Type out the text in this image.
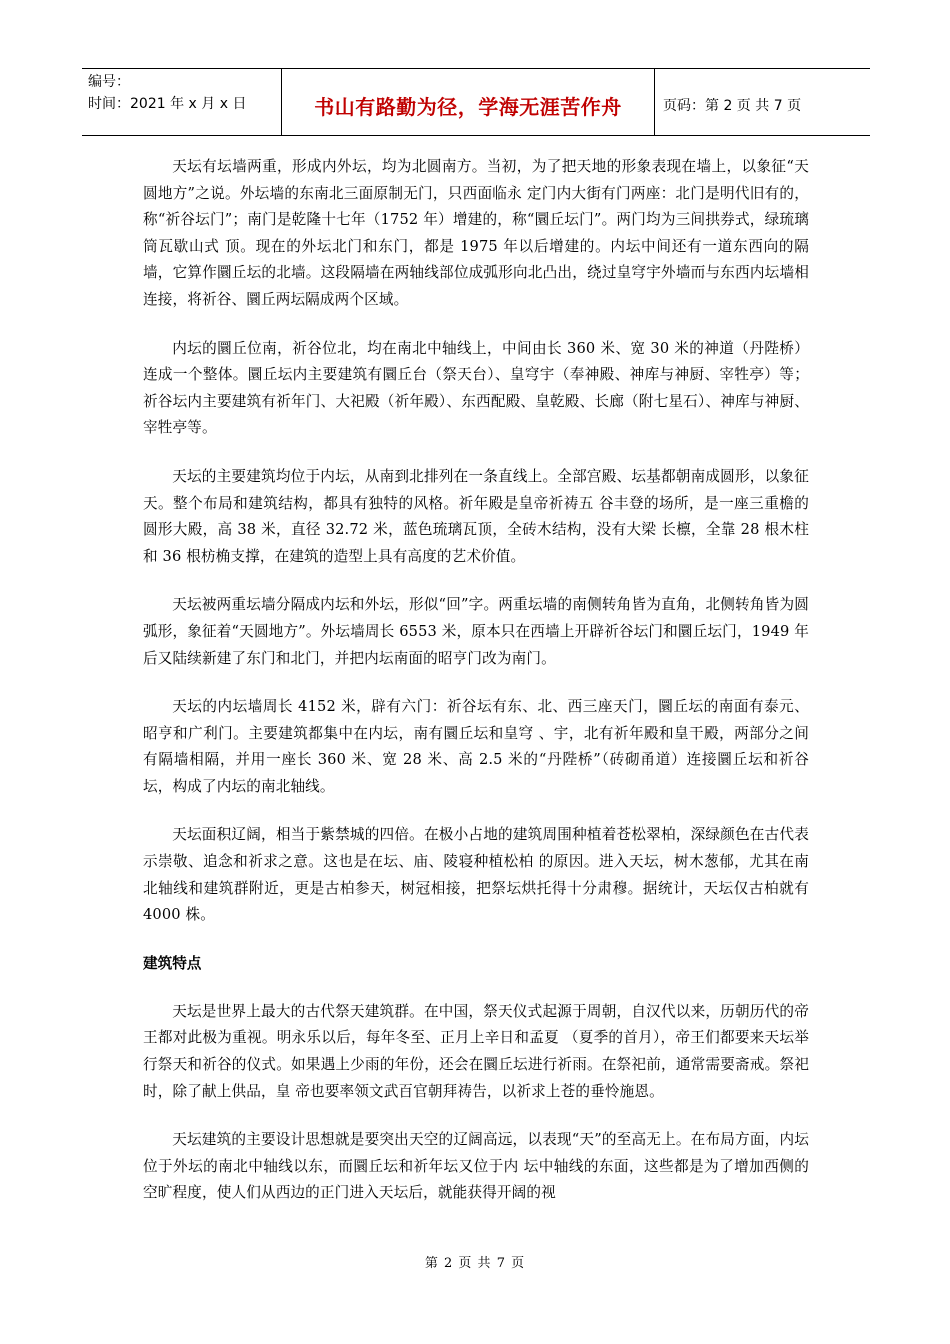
编号：
时间：2021 年 x 月 x 日	书山有路勤为径，学海无涯苦作舟	页码：第 2 页 共 7 页

天坛有坛墙两重，形成内外坛，均为北圆南方。当初，为了把天地的形象表现在墙上，以象征“天圆地方”之说。外坛墙的东南北三面原制无门，只西面临永 定门内大街有门两座：北门是明代旧有的，称“祈谷坛门”；南门是乾隆十七年（1752 年）增建的，称“圜丘坛门”。两门均为三间拱券式，绿琉璃筒瓦歇山式 顶。现在的外坛北门和东门，都是 1975 年以后增建的。内坛中间还有一道东西向的隔墙，它算作圜丘坛的北墙。这段隔墙在两轴线部位成弧形向北凸出，绕过皇穹宇外墙而与东西内坛墙相连接，将祈谷、圜丘两坛隔成两个区域。

内坛的圜丘位南，祈谷位北，均在南北中轴线上，中间由长 360 米、宽 30 米的神道（丹陛桥）连成一个整体。圜丘坛内主要建筑有圜丘台（祭天台）、皇穹宇（奉神殿、神库与神厨、宰牲亭）等；祈谷坛内主要建筑有祈年门、大祀殿（祈年殿）、东西配殿、皇乾殿、长廊（附七星石）、神库与神厨、宰牲亭等。

天坛的主要建筑均位于内坛，从南到北排列在一条直线上。全部宫殿、坛基都朝南成圆形，以象征天。整个布局和建筑结构，都具有独特的风格。祈年殿是皇帝祈祷五 谷丰登的场所，是一座三重檐的圆形大殿，高 38 米，直径 32.72 米，蓝色琉璃瓦顶，全砖木结构，没有大梁 长檩，全靠 28 根木柱和 36 根枋桷支撑，在建筑的造型上具有高度的艺术价值。

天坛被两重坛墙分隔成内坛和外坛，形似“回”字。两重坛墙的南侧转角皆为直角，北侧转角皆为圆弧形，象征着“天圆地方”。外坛墙周长 6553 米，原本只在西墙上开辟祈谷坛门和圜丘坛门，1949 年后又陆续新建了东门和北门，并把内坛南面的昭亨门改为南门。

天坛的内坛墙周长 4152 米，辟有六门：祈谷坛有东、北、西三座天门，圜丘坛的南面有泰元、昭亨和广利门。主要建筑都集中在内坛，南有圜丘坛和皇穹 、宇，北有祈年殿和皇干殿，两部分之间有隔墙相隔，并用一座长 360 米、宽 28 米、高 2.5 米的“丹陛桥”（砖砌甬道）连接圜丘坛和祈谷坛，构成了内坛的南北轴线。

天坛面积辽阔，相当于紫禁城的四倍。在极小占地的建筑周围种植着苍松翠柏，深绿颜色在古代表示崇敬、追念和祈求之意。这也是在坛、庙、陵寝种植松柏 的原因。进入天坛，树木葱郁，尤其在南北轴线和建筑群附近，更是古柏参天，树冠相接，把祭坛烘托得十分肃穆。据统计，天坛仅古柏就有 4000 株。

建筑特点

天坛是世界上最大的古代祭天建筑群。在中国，祭天仪式起源于周朝，自汉代以来，历朝历代的帝王都对此极为重视。明永乐以后，每年冬至、正月上辛日和孟夏 （夏季的首月），帝王们都要来天坛举行祭天和祈谷的仪式。如果遇上少雨的年份，还会在圜丘坛进行祈雨。在祭祀前，通常需要斋戒。祭祀时，除了献上供品，皇 帝也要率领文武百官朝拜祷告，以祈求上苍的垂怜施恩。

天坛建筑的主要设计思想就是要突出天空的辽阔高远，以表现“天”的至高无上。在布局方面，内坛位于外坛的南北中轴线以东，而圜丘坛和祈年坛又位于内 坛中轴线的东面，这些都是为了增加西侧的空旷程度，使人们从西边的正门进入天坛后，就能获得开阔的视

第 2 页 共 7 页
